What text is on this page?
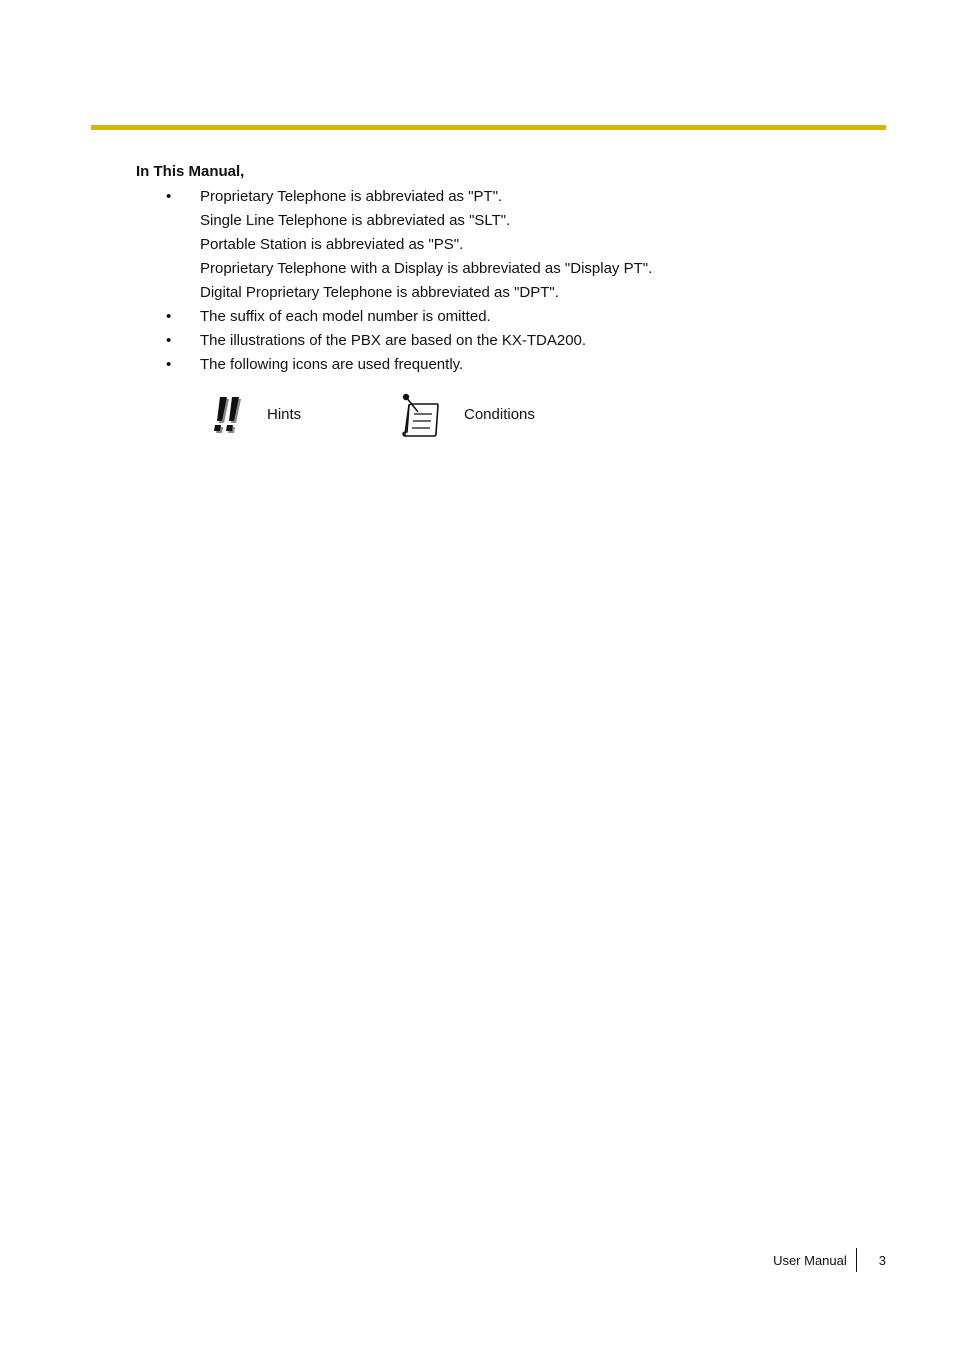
In This Manual,
•	Proprietary Telephone is abbreviated as "PT".
Single Line Telephone is abbreviated as "SLT".
Portable Station is abbreviated as "PS".
Proprietary Telephone with a Display is abbreviated as "Display PT".
Digital Proprietary Telephone is abbreviated as "DPT".
•	The suffix of each model number is omitted.
•	The illustrations of the PBX are based on the KX-TDA200.
•	The following icons are used frequently.
Hints	Conditions
User Manual	3
